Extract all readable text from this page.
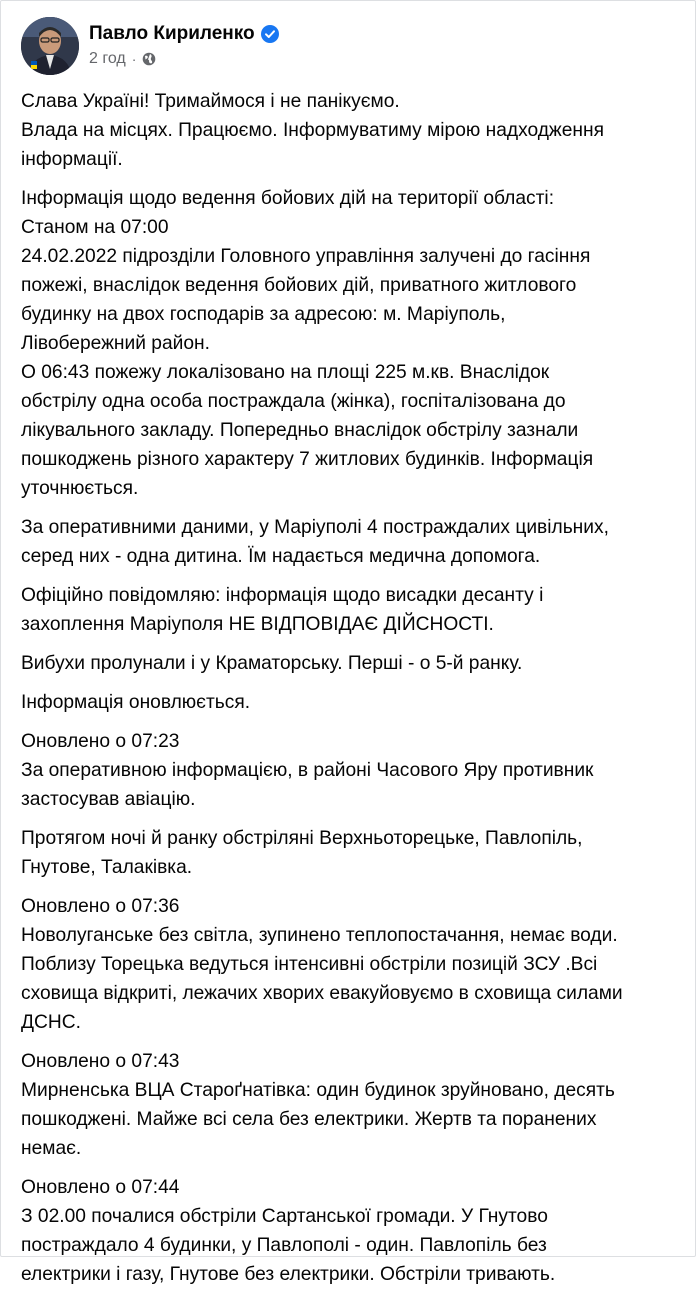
Павло Кириленко
2 год ·
Слава Україні! Тримаймося і не панікуємо.
Влада на місцях. Працюємо. Інформуватиму мірою надходження
інформації.
Інформація щодо ведення бойових дій на території області:
Станом на 07:00
24.02.2022 підрозділи Головного управління залучені до гасіння
пожежі, внаслідок ведення бойових дій, приватного житлового
будинку на двох господарів за адресою: м. Маріуполь,
Лівобережний район.
О 06:43 пожежу локалізовано на площі 225 м.кв. Внаслідок
обстрілу одна особа постраждала (жінка), госпіталізована до
лікувального закладу. Попередньо внаслідок обстрілу зазнали
пошкоджень різного характеру 7 житлових будинків. Інформація
уточнюється.
За оперативними даними, у Маріуполі 4 постраждалих цивільних,
серед них - одна дитина. Їм надається медична допомога.
Офіційно повідомляю: інформація щодо висадки десанту і
захоплення Маріуполя НЕ ВІДПОВІДАЄ ДІЙСНОСТІ.
Вибухи пролунали і у Краматорську. Перші - о 5-й ранку.
Інформація оновлюється.
Оновлено о 07:23
За оперативною інформацією, в районі Часового Яру противник
застосував авіацію.
Протягом ночі й ранку обстріляні Верхньоторецьке, Павлопіль,
Гнутове, Талаківка.
Оновлено о 07:36
Новолуганське без світла, зупинено теплопостачання, немає води.
Поблизу Торецька ведуться інтенсивні обстріли позицій ЗСУ .Всі
сховища відкриті, лежачих хворих евакуйовуємо в сховища силами
ДСНС.
Оновлено о 07:43
Мирненська ВЦА Староґнатівка: один будинок зруйновано, десять
пошкоджені. Майже всі села без електрики. Жертв та поранених
немає.
Оновлено о 07:44
З 02.00 почалися обстріли Сартанської громади. У Гнутово
постраждало 4 будинки, у Павлополі - один. Павлопіль без
електрики і газу, Гнутове без електрики. Обстріли тривають.
